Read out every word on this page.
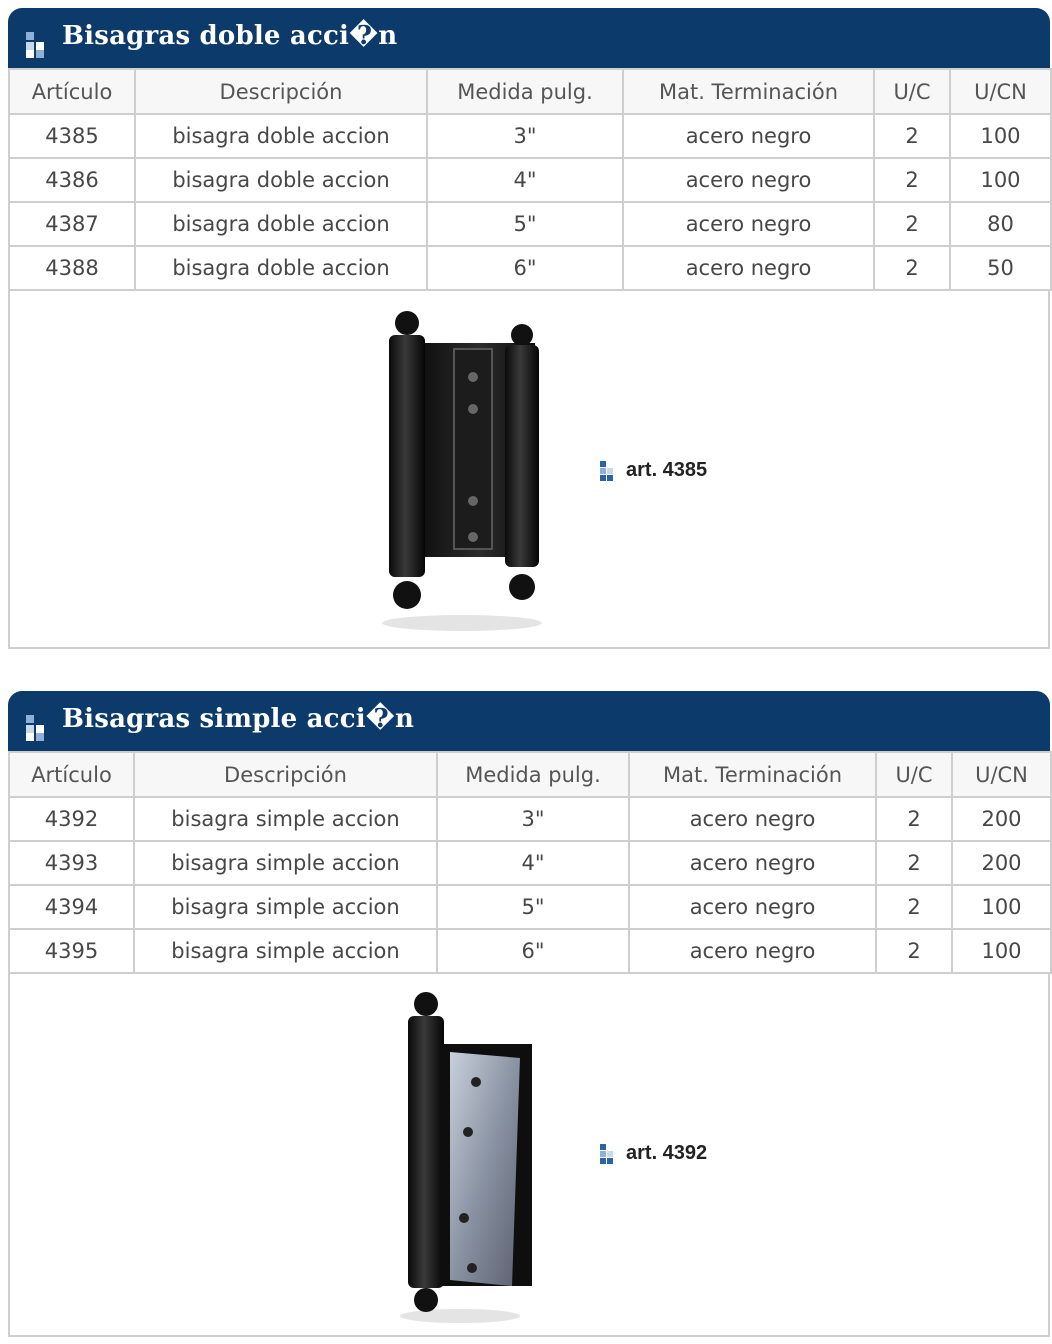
Bisagras doble acci�n
Artículo	Descripción	Medida pulg.	Mat. Terminación	U/C	U/CN
4385	bisagra doble accion	3"	acero negro	2	100
4386	bisagra doble accion	4"	acero negro	2	100
4387	bisagra doble accion	5"	acero negro	2	80
4388	bisagra doble accion	6"	acero negro	2	50
art. 4385
Bisagras simple acci�n
Artículo	Descripción	Medida pulg.	Mat. Terminación	U/C	U/CN
4392	bisagra simple accion	3"	acero negro	2	200
4393	bisagra simple accion	4"	acero negro	2	200
4394	bisagra simple accion	5"	acero negro	2	100
4395	bisagra simple accion	6"	acero negro	2	100
art. 4392
